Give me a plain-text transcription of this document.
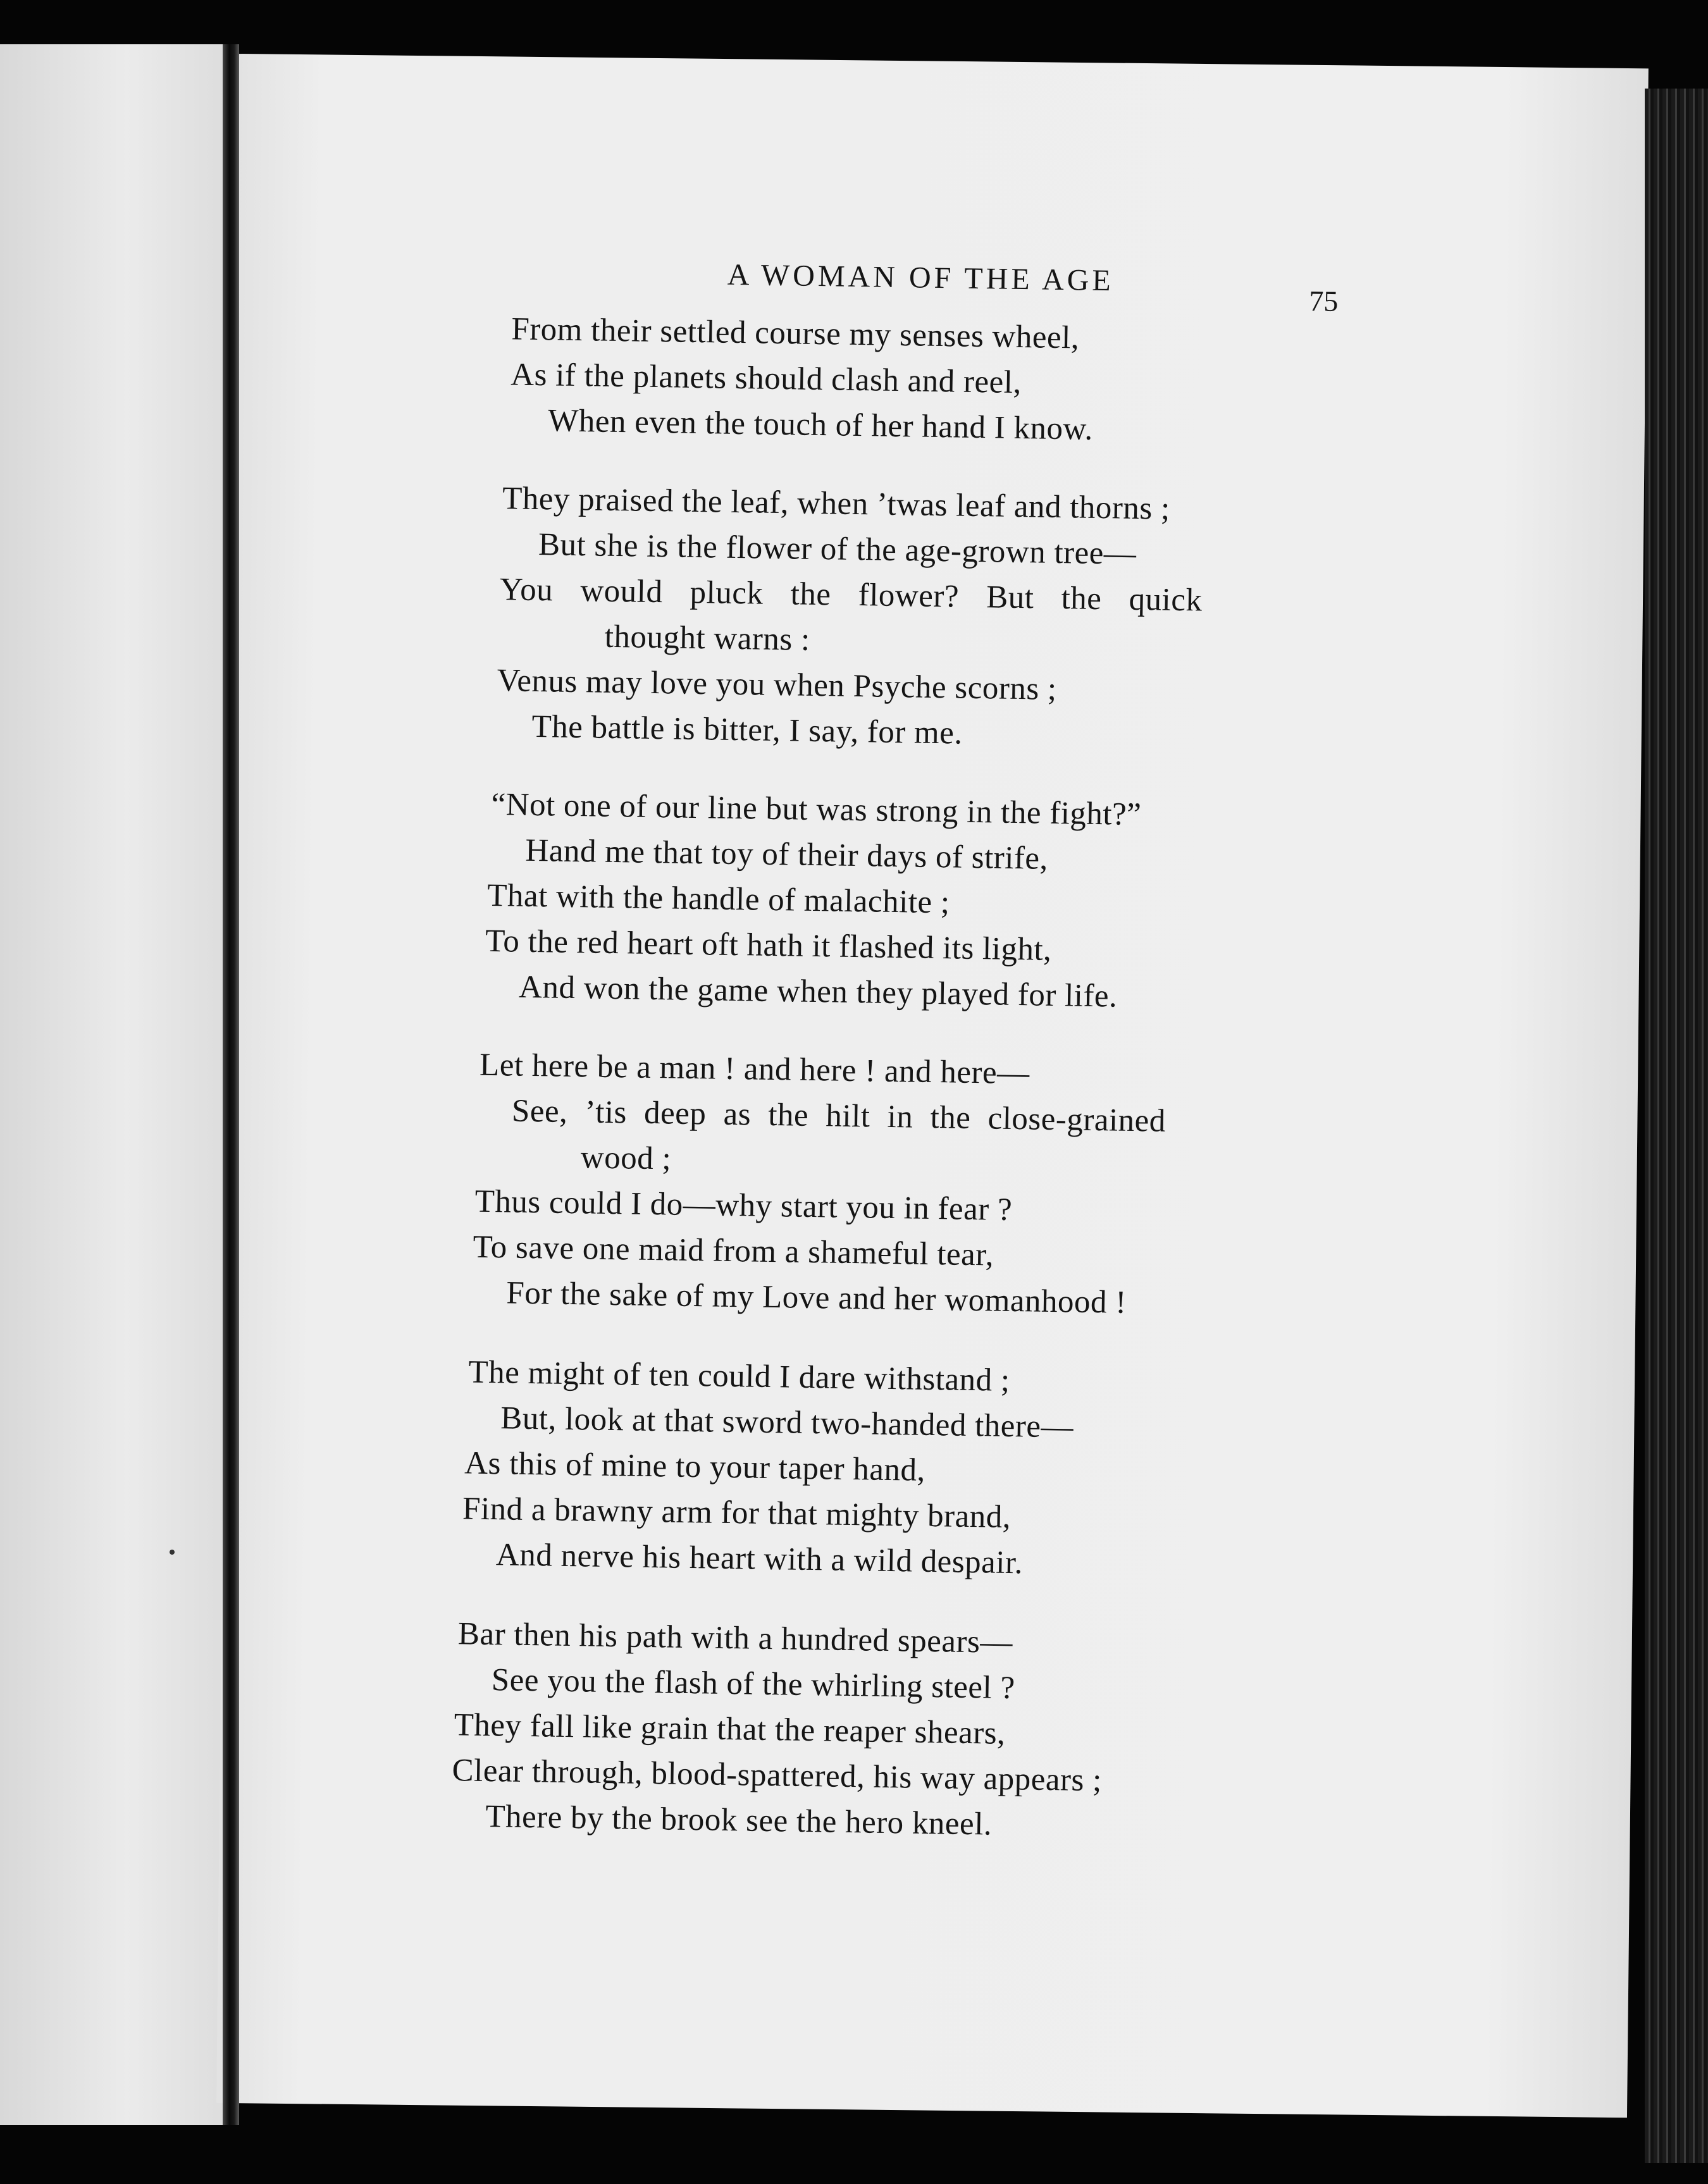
A WOMAN OF THE AGE
75
From their settled course my senses wheel,
As if the planets should clash and reel,
When even the touch of her hand I know.
They praised the leaf, when ’twas leaf and thorns ;
But she is the flower of the age-grown tree—
You would pluck the flower? But the quick
thought warns :
Venus may love you when Psyche scorns ;
The battle is bitter, I say, for me.
“Not one of our line but was strong in the fight?”
Hand me that toy of their days of strife,
That with the handle of malachite ;
To the red heart oft hath it flashed its light,
And won the game when they played for life.
Let here be a man ! and here ! and here—
See, ’tis deep as the hilt in the close-grained
wood ;
Thus could I do—why start you in fear ?
To save one maid from a shameful tear,
For the sake of my Love and her womanhood !
The might of ten could I dare withstand ;
But, look at that sword two-handed there—
As this of mine to your taper hand,
Find a brawny arm for that mighty brand,
And nerve his heart with a wild despair.
Bar then his path with a hundred spears—
See you the flash of the whirling steel ?
They fall like grain that the reaper shears,
Clear through, blood-spattered, his way appears ;
There by the brook see the hero kneel.
